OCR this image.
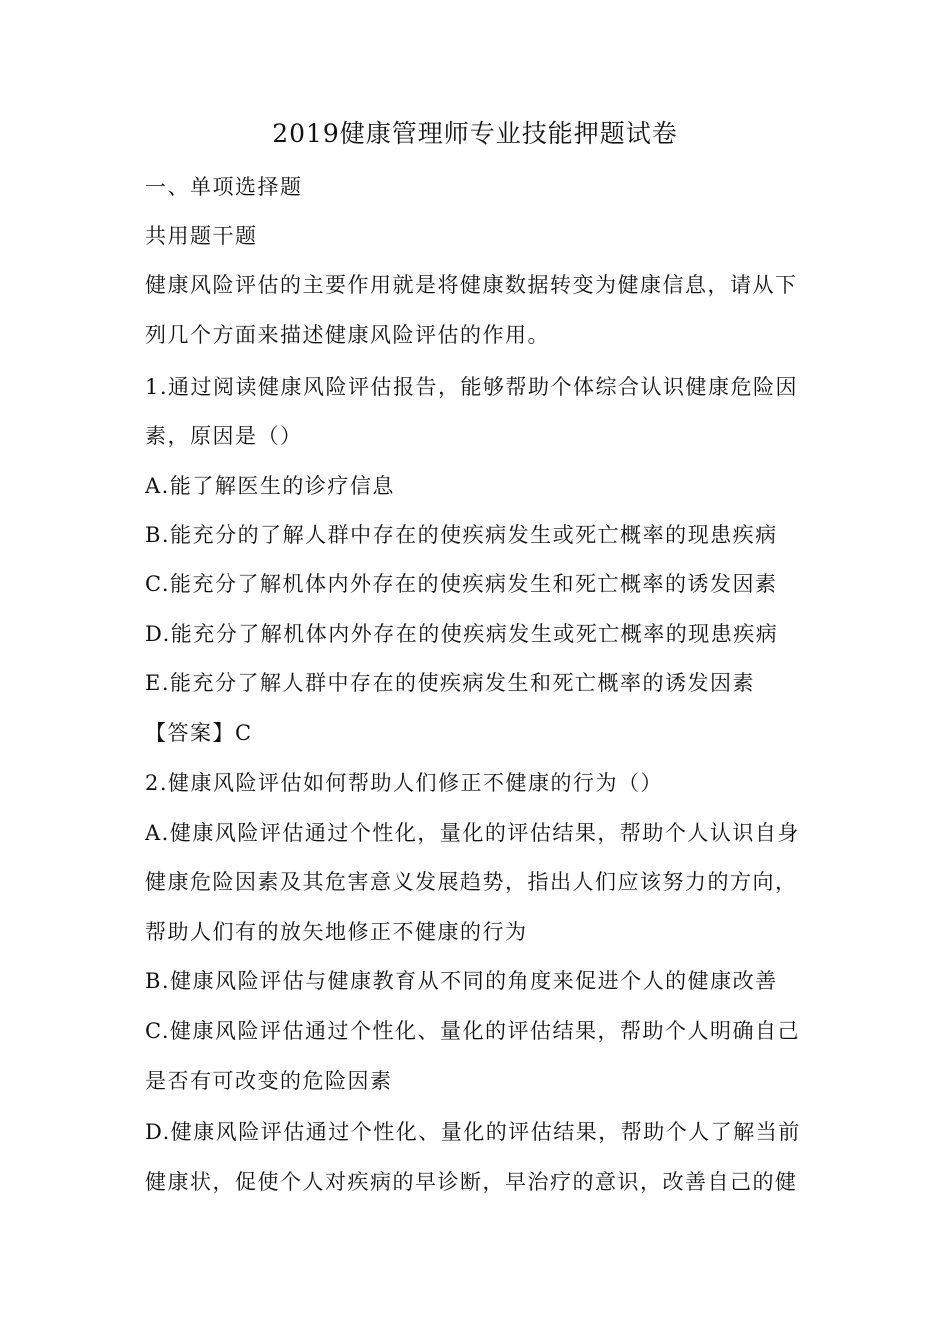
2019健康管理师专业技能押题试卷
一、单项选择题
共用题干题
健康风险评估的主要作用就是将健康数据转变为健康信息，请从下
列几个方面来描述健康风险评估的作用。
1.通过阅读健康风险评估报告，能够帮助个体综合认识健康危险因
素，原因是（）
A.能了解医生的诊疗信息
B.能充分的了解人群中存在的使疾病发生或死亡概率的现患疾病
C.能充分了解机体内外存在的使疾病发生和死亡概率的诱发因素
D.能充分了解机体内外存在的使疾病发生或死亡概率的现患疾病
E.能充分了解人群中存在的使疾病发生和死亡概率的诱发因素
【答案】C
2.健康风险评估如何帮助人们修正不健康的行为（）
A.健康风险评估通过个性化，量化的评估结果，帮助个人认识自身
健康危险因素及其危害意义发展趋势，指出人们应该努力的方向，
帮助人们有的放矢地修正不健康的行为
B.健康风险评估与健康教育从不同的角度来促进个人的健康改善
C.健康风险评估通过个性化、量化的评估结果，帮助个人明确自己
是否有可改变的危险因素
D.健康风险评估通过个性化、量化的评估结果，帮助个人了解当前
健康状，促使个人对疾病的早诊断，早治疗的意识，改善自己的健
